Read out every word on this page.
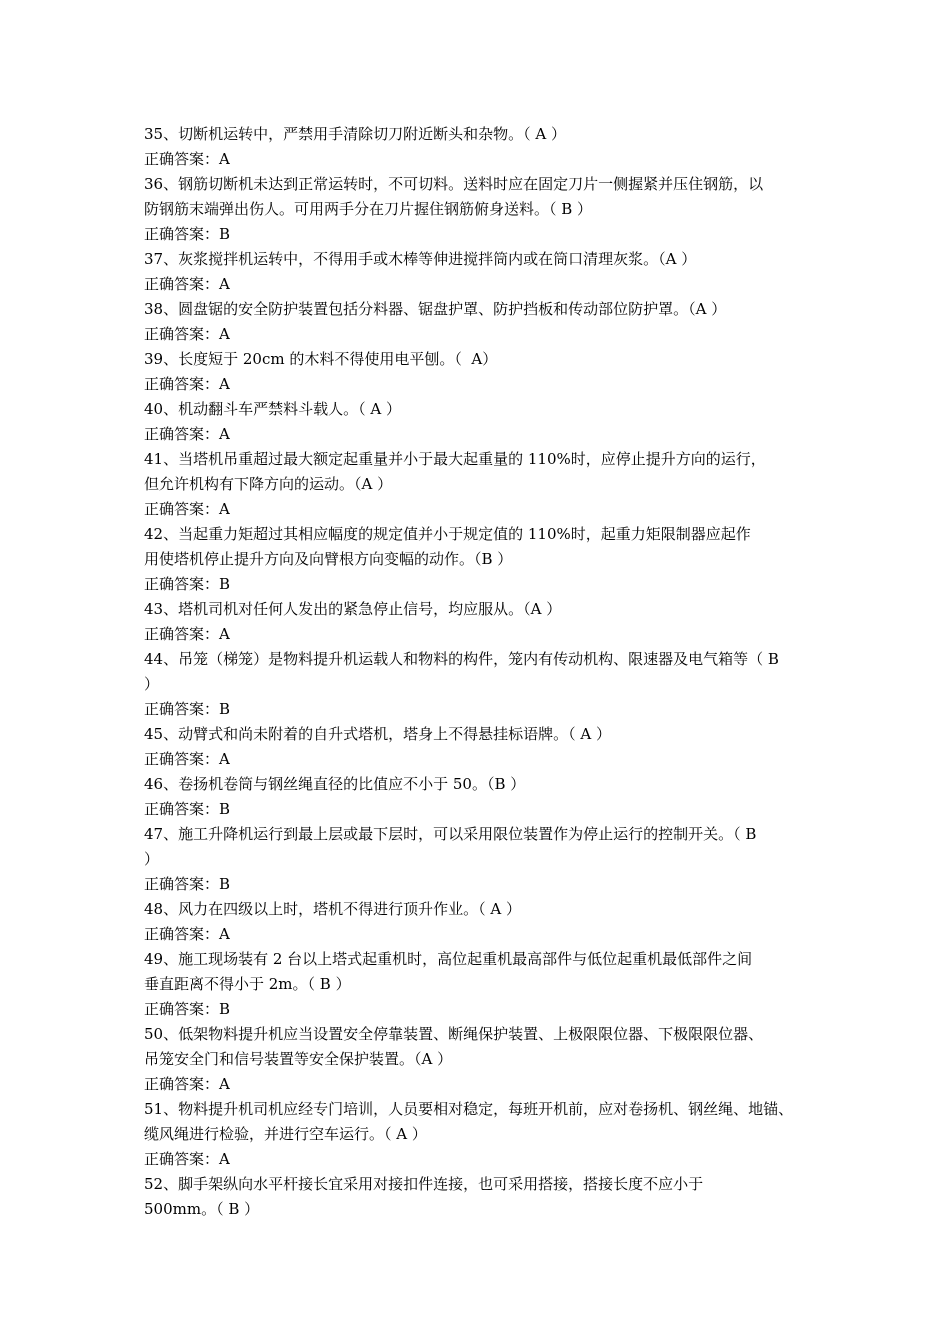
35、切断机运转中，严禁用手清除切刀附近断头和杂物。（ A ）
正确答案：A
36、钢筋切断机未达到正常运转时，不可切料。送料时应在固定刀片一侧握紧并压住钢筋，以
防钢筋末端弹出伤人。可用两手分在刀片握住钢筋俯身送料。（ B ）
正确答案：B
37、灰浆搅拌机运转中，不得用手或木棒等伸进搅拌筒内或在筒口清理灰浆。（A ）
正确答案：A
38、圆盘锯的安全防护装置包括分料器、锯盘护罩、防护挡板和传动部位防护罩。（A ）
正确答案：A
39、长度短于 20cm 的木料不得使用电平刨。（  A）
正确答案：A
40、机动翻斗车严禁料斗载人。（ A ）
正确答案：A
41、当塔机吊重超过最大额定起重量并小于最大起重量的 110%时，应停止提升方向的运行，
但允许机构有下降方向的运动。（A ）
正确答案：A
42、当起重力矩超过其相应幅度的规定值并小于规定值的 110%时，起重力矩限制器应起作
用使塔机停止提升方向及向臂根方向变幅的动作。（B ）
正确答案：B
43、塔机司机对任何人发出的紧急停止信号，均应服从。（A ）
正确答案：A
44、吊笼（梯笼）是物料提升机运载人和物料的构件，笼内有传动机构、限速器及电气箱等（ B
）
正确答案：B
45、动臂式和尚未附着的自升式塔机，塔身上不得悬挂标语牌。（ A ）
正确答案：A
46、卷扬机卷筒与钢丝绳直径的比值应不小于 50。（B ）
正确答案：B
47、施工升降机运行到最上层或最下层时，可以采用限位装置作为停止运行的控制开关。（ B
）
正确答案：B
48、风力在四级以上时，塔机不得进行顶升作业。（ A ）
正确答案：A
49、施工现场装有 2 台以上塔式起重机时，高位起重机最高部件与低位起重机最低部件之间
垂直距离不得小于 2m。（ B ）
正确答案：B
50、低架物料提升机应当设置安全停靠装置、断绳保护装置、上极限限位器、下极限限位器、
吊笼安全门和信号装置等安全保护装置。（A ）
正确答案：A
51、物料提升机司机应经专门培训，人员要相对稳定，每班开机前，应对卷扬机、钢丝绳、地锚、
缆风绳进行检验，并进行空车运行。（ A ）
正确答案：A
52、脚手架纵向水平杆接长宜采用对接扣件连接，也可采用搭接，搭接长度不应小于
500mm。（ B ）
